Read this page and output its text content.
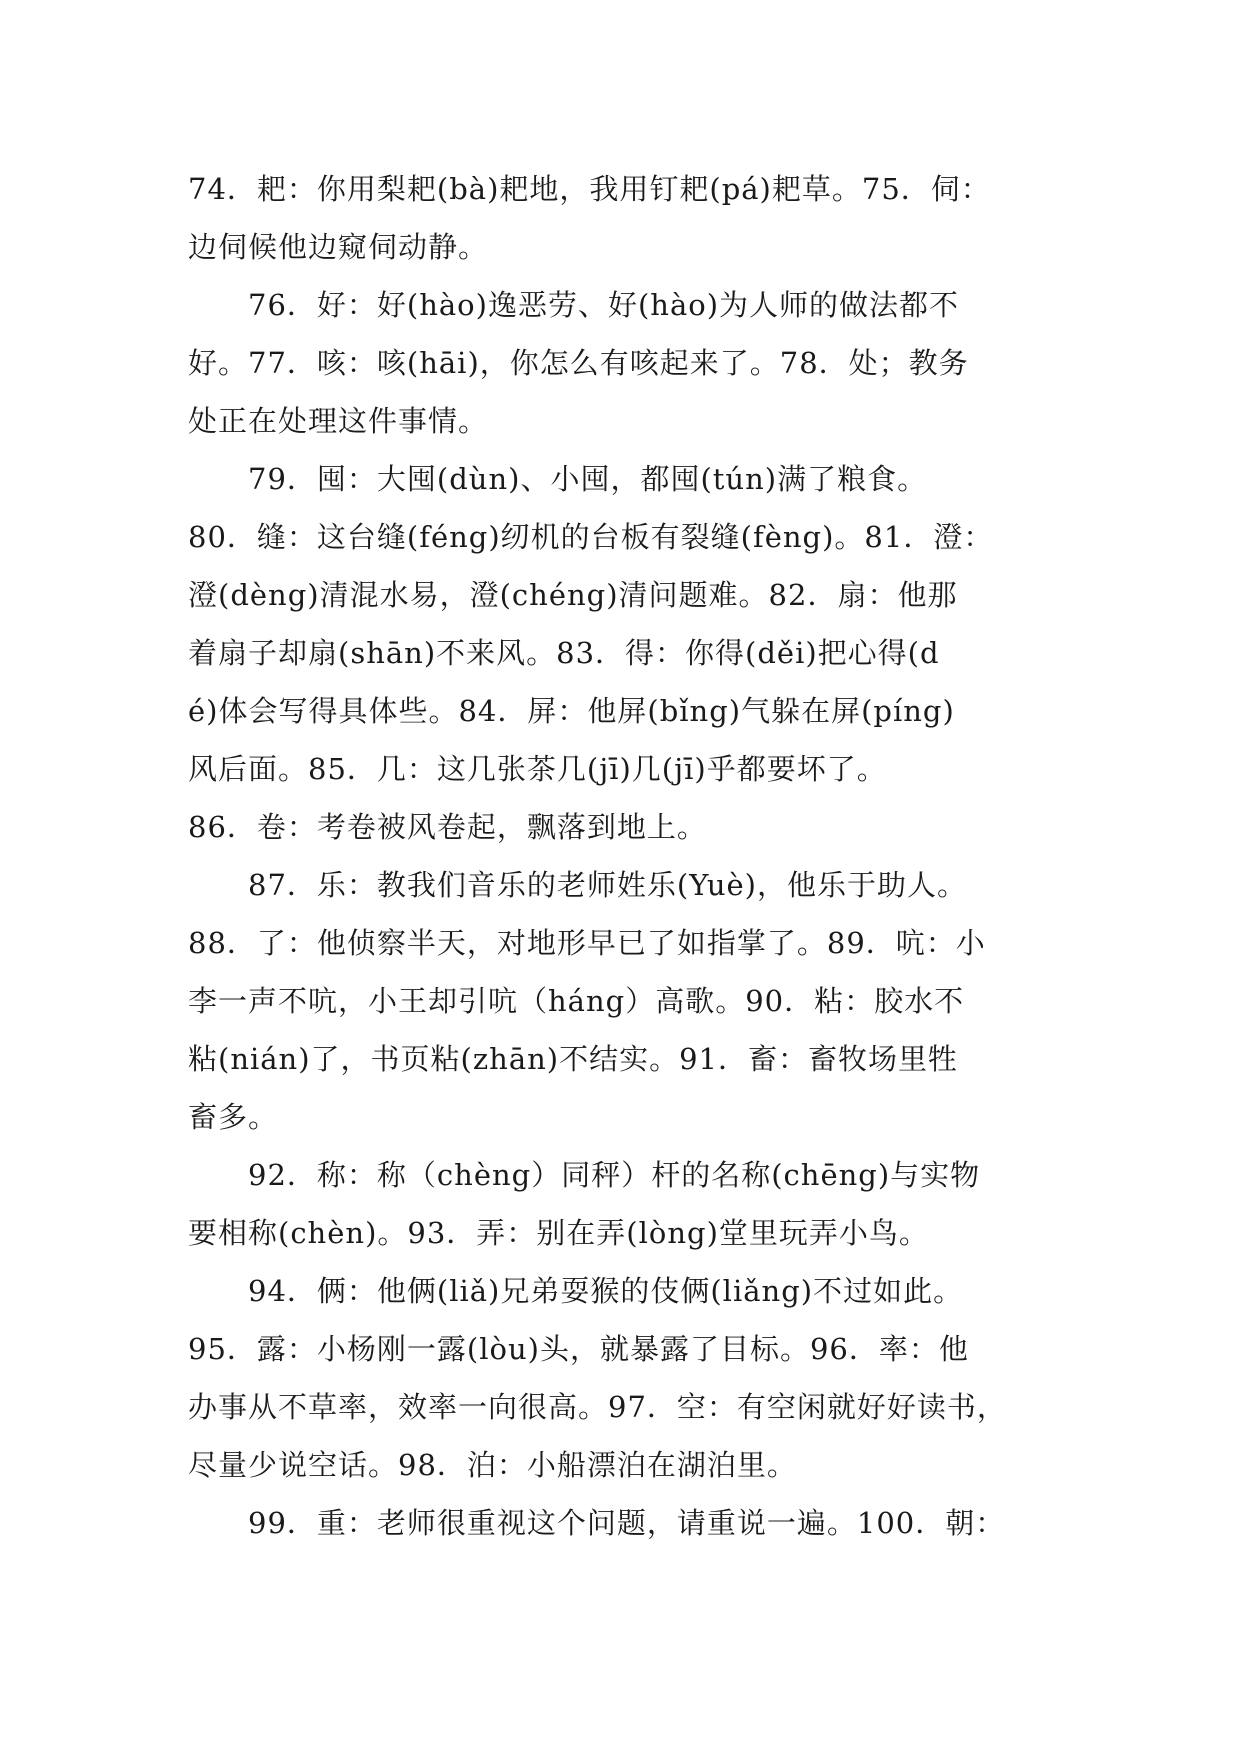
74．耙：你用梨耙(bà)耙地，我用钉耙(pá)耙草。75．伺：
边伺候他边窥伺动静。
76．好：好(hào)逸恶劳、好(hào)为人师的做法都不
好。77．咳：咳(hāi)，你怎么有咳起来了。78．处；教务
处正在处理这件事情。
79．囤：大囤(dùn)、小囤，都囤(tún)满了粮食。
80．缝：这台缝(féng)纫机的台板有裂缝(fèng)。81．澄：
澄(dèng)清混水易，澄(chéng)清问题难。82．扇：他那
着扇子却扇(shān)不来风。83．得：你得(děi)把心得(d
é)体会写得具体些。84．屏：他屏(bǐng)气躲在屏(píng)
风后面。85．几：这几张茶几(jī)几(jī)乎都要坏了。
86．卷：考卷被风卷起，飘落到地上。
87．乐：教我们音乐的老师姓乐(Yuè)，他乐于助人。
88．了：他侦察半天，对地形早已了如指掌了。89．吭：小
李一声不吭，小王却引吭（háng）高歌。90．粘：胶水不
粘(nián)了，书页粘(zhān)不结实。91．畜：畜牧场里牲
畜多。
92．称：称（chèng）同秤）杆的名称(chēng)与实物
要相称(chèn)。93．弄：别在弄(lòng)堂里玩弄小鸟。
94．俩：他俩(liǎ)兄弟耍猴的伎俩(liǎng)不过如此。
95．露：小杨刚一露(lòu)头，就暴露了目标。96．率：他
办事从不草率，效率一向很高。97．空：有空闲就好好读书，
尽量少说空话。98．泊：小船漂泊在湖泊里。
99．重：老师很重视这个问题，请重说一遍。100．朝：
